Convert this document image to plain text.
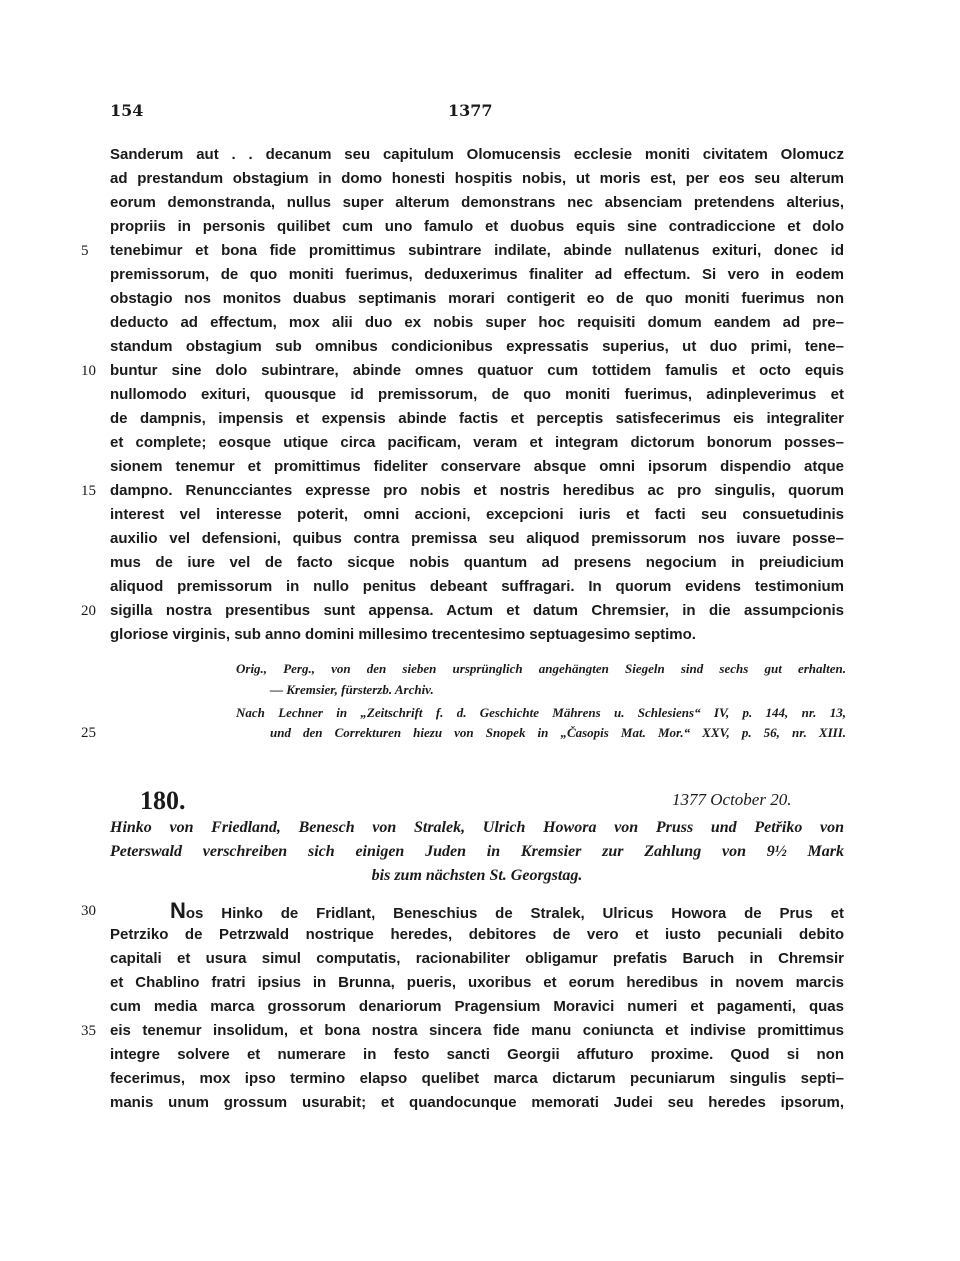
154	1377
Sanderum aut . . decanum seu capitulum Olomucensis ecclesie moniti civitatem Olomucz
ad prestandum obstagium in domo honesti hospitis nobis, ut moris est, per eos seu alterum
eorum demonstranda, nullus super alterum demonstrans nec absenciam pretendens alterius,
propriis in personis quilibet cum uno famulo et duobus equis sine contradiccione et dolo
tenebimur et bona fide promittimus subintrare indilate, abinde nullatenus exituri, donec id
premissorum, de quo moniti fuerimus, deduxerimus finaliter ad effectum. Si vero in eodem
obstagio nos monitos duabus septimanis morari contigerit eo de quo moniti fuerimus non
deducto ad effectum, mox alii duo ex nobis super hoc requisiti domum eandem ad pre–
standum obstagium sub omnibus condicionibus expressatis superius, ut duo primi, tene–
buntur sine dolo subintrare, abinde omnes quatuor cum tottidem famulis et octo equis
nullomodo exituri, quousque id premissorum, de quo moniti fuerimus, adinpleverimus et
de dampnis, impensis et expensis abinde factis et perceptis satisfecerimus eis integraliter
et complete; eosque utique circa pacificam, veram et integram dictorum bonorum posses–
sionem tenemur et promittimus fideliter conservare absque omni ipsorum dispendio atque
dampno. Renuncciantes expresse pro nobis et nostris heredibus ac pro singulis, quorum
interest vel interesse poterit, omni accioni, excepcioni iuris et facti seu consuetudinis
auxilio vel defensioni, quibus contra premissa seu aliquod premissorum nos iuvare posse–
mus de iure vel de facto sicque nobis quantum ad presens negocium in preiudicium
aliquod premissorum in nullo penitus debeant suffragari. In quorum evidens testimonium
sigilla nostra presentibus sunt appensa. Actum et datum Chremsier, in die assumpcionis
gloriose virginis, sub anno domini millesimo trecentesimo septuagesimo septimo.
5
10
15
20
Orig., Perg., von den sieben ursprünglich angehängten Siegeln sind sechs gut erhalten.
— Kremsier, fürsterzb. Archiv.
Nach Lechner in „Zeitschrift f. d. Geschichte Mährens u. Schlesiens“ IV, p. 144, nr. 13,
und den Correkturen hiezu von Snopek in „Časopis Mat. Mor.“ XXV, p. 56, nr. XIII.
25
180.	1377 October 20.
Hinko von Friedland, Benesch von Stralek, Ulrich Howora von Pruss und Petřiko von
Peterswald verschreiben sich einigen Juden in Kremsier zur Zahlung von 9½ Mark
bis zum nächsten St. Georgstag.
Nos Hinko de Fridlant, Beneschius de Stralek, Ulricus Howora de Prus et
Petrziko de Petrzwald nostrique heredes, debitores de vero et iusto pecuniali debito
capitali et usura simul computatis, racionabiliter obligamur prefatis Baruch in Chremsir
et Chablino fratri ipsius in Brunna, pueris, uxoribus et eorum heredibus in novem marcis
cum media marca grossorum denariorum Pragensium Moravici numeri et pagamenti, quas
eis tenemur insolidum, et bona nostra sincera fide manu coniuncta et indivise promittimus
integre solvere et numerare in festo sancti Georgii affuturo proxime. Quod si non
fecerimus, mox ipso termino elapso quelibet marca dictarum pecuniarum singulis septi–
manis unum grossum usurabit; et quandocunque memorati Judei seu heredes ipsorum,
30
35
